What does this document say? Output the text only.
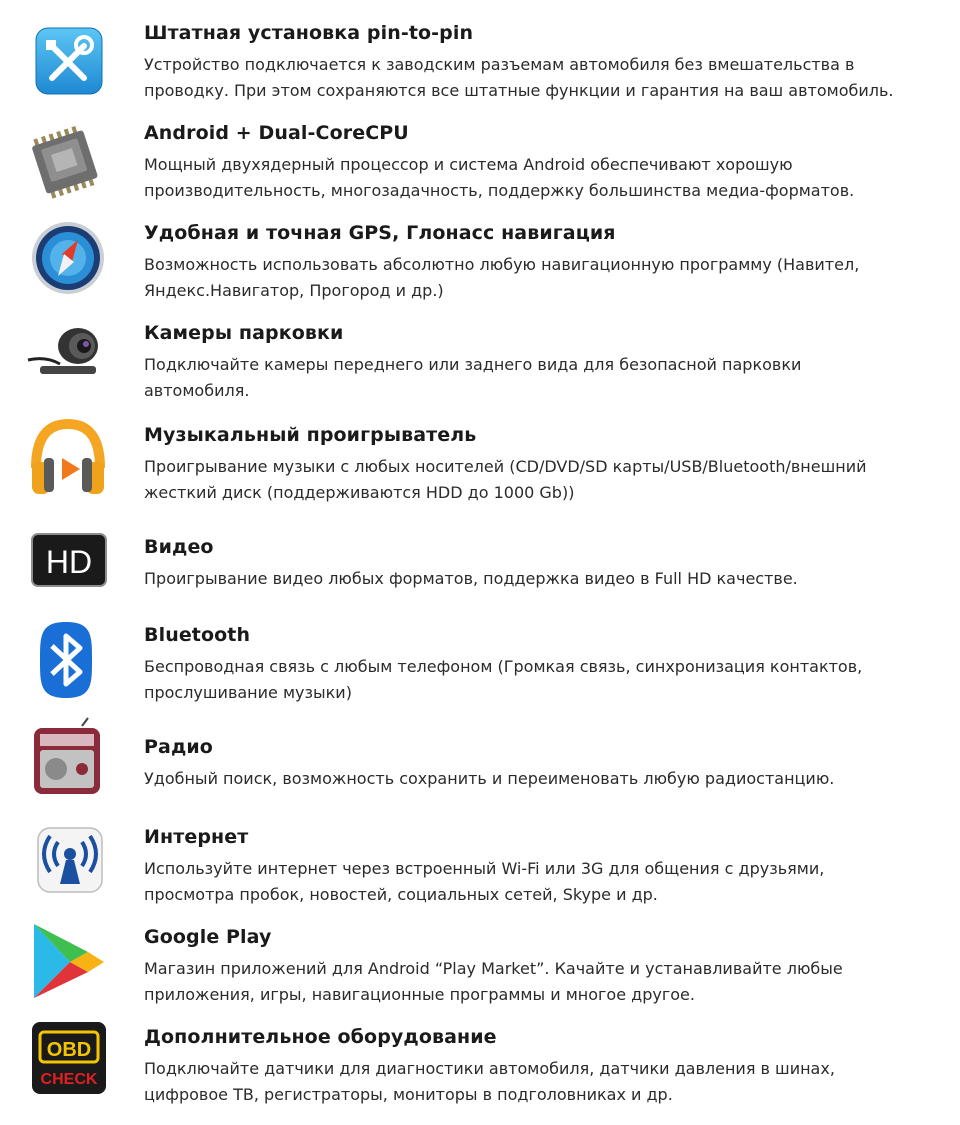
Штатная установка pin-to-pin
Устройство подключается к заводским разъемам автомобиля без вмешательства в
проводку. При этом сохраняются все штатные функции и гарантия на ваш автомобиль.
Android + Dual-CoreCPU
Мощный двухядерный процессор и система Android обеспечивают хорошую
производительность, многозадачность, поддержку большинства медиа-форматов.
Удобная и точная GPS, Глонасс навигация
Возможность использовать абсолютно любую навигационную программу (Навител,
Яндекс.Навигатор, Прогород и др.)
Камеры парковки
Подключайте камеры переднего или заднего вида для безопасной парковки
автомобиля.
Музыкальный проигрыватель
Проигрывание музыки с любых носителей (CD/DVD/SD карты/USB/Bluetooth/внешний
жесткий диск (поддерживаются HDD до 1000 Gb))
HD	Видео
Проигрывание видео любых форматов, поддержка видео в Full HD качестве.
Bluetooth
Беспроводная связь с любым телефоном (Громкая связь, синхронизация контактов,
прослушивание музыки)
Радио
Удобный поиск, возможность сохранить и переименовать любую радиостанцию.
Интернет
Используйте интернет через встроенный Wi-Fi или 3G для общения с друзьями,
просмотра пробок, новостей, социальных сетей, Skype и др.
Google Play
Магазин приложений для Android “Play Market”. Качайте и устанавливайте любые
приложения, игры, навигационные программы и многое другое.
OBD
CHECK
Дополнительное оборудование
Подключайте датчики для диагностики автомобиля, датчики давления в шинах,
цифровое ТВ, регистраторы, мониторы в подголовниках и др.
